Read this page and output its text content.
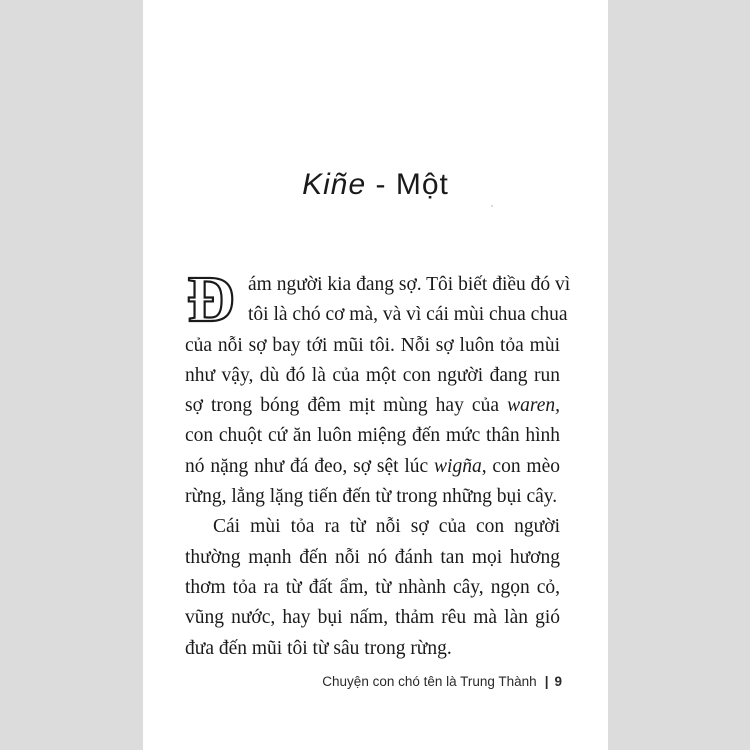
Kiñe - Một
Đ ám người kia đang sợ. Tôi biết điều đó vì
tôi là chó cơ mà, và vì cái mùi chua chua
của nỗi sợ bay tới mũi tôi. Nỗi sợ luôn tỏa mùi
như vậy, dù đó là của một con người đang run
sợ trong bóng đêm mịt mùng hay của waren,
con chuột cứ ăn luôn miệng đến mức thân hình
nó nặng như đá đeo, sợ sệt lúc wigña, con mèo
rừng, lẳng lặng tiến đến từ trong những bụi cây.
Cái mùi tỏa ra từ nỗi sợ của con người
thường mạnh đến nỗi nó đánh tan mọi hương
thơm tỏa ra từ đất ẩm, từ nhành cây, ngọn cỏ,
vũng nước, hay bụi nấm, thảm rêu mà làn gió
đưa đến mũi tôi từ sâu trong rừng.
Chuyện con chó tên là Trung Thành | 9
